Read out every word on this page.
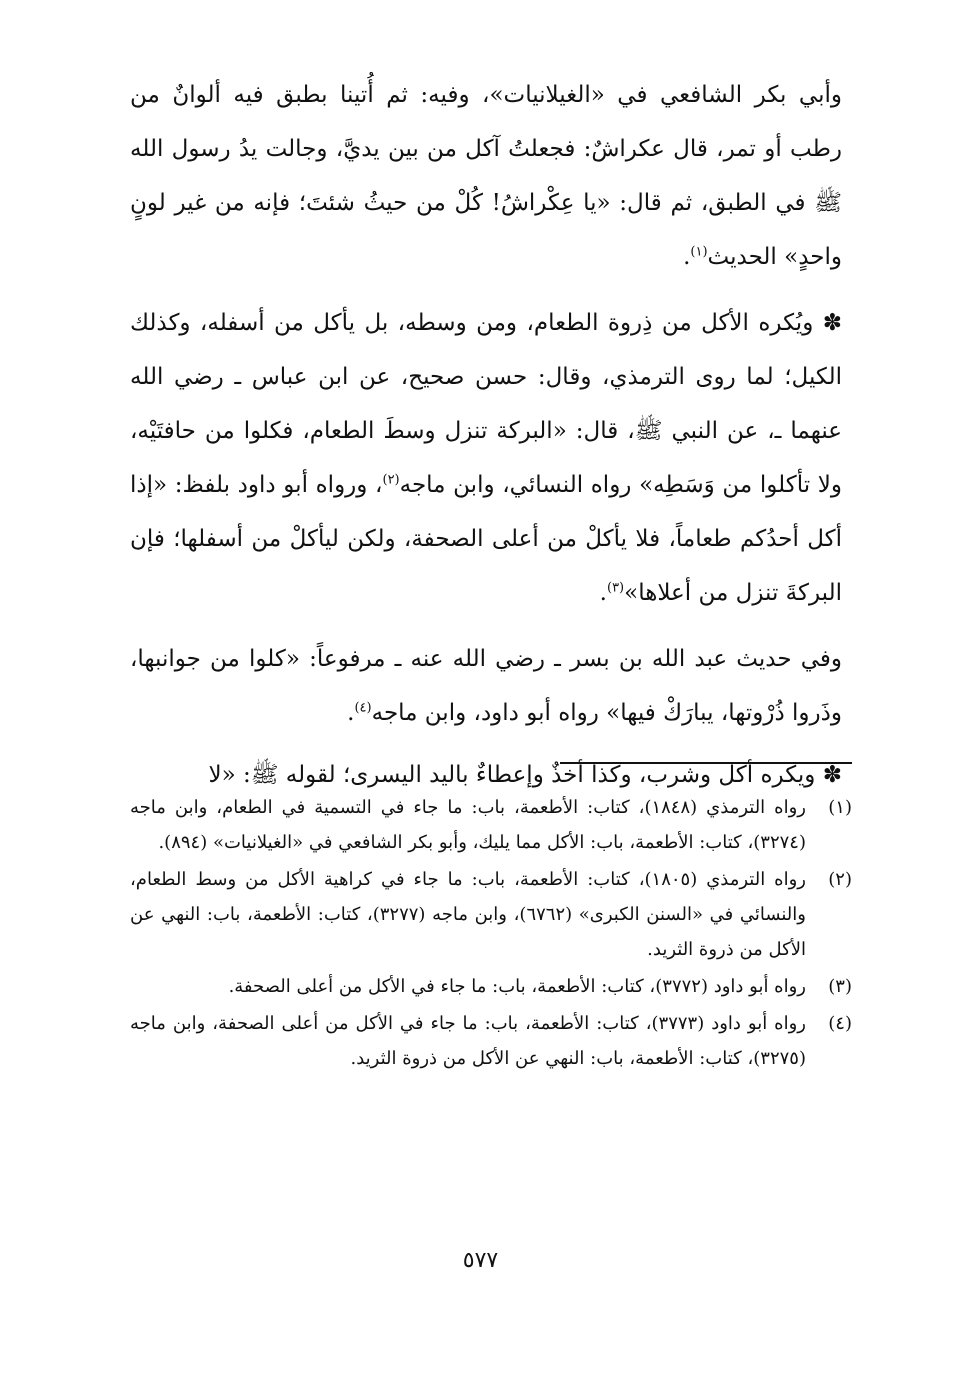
وأبي بكر الشافعي في «الغيلانيات»، وفيه: ثم أُتينا بطبق فيه ألوانٌ من رطب أو تمر، قال عكراشٌ: فجعلتُ آكل من بين يديَّ، وجالت يدُ رسول الله ﷺ في الطبق، ثم قال: «يا عِكْراشُ! كُلْ من حيثُ شئتَ؛ فإنه من غير لونٍ واحدٍ» الحديث$^{(١)}$.

✽ ويُكره الأكل من ذِروة الطعام، ومن وسطه، بل يأكل من أسفله، وكذلك الكيل؛ لما روى الترمذي، وقال: حسن صحيح، عن ابن عباس ـ رضي الله عنهما ـ، عن النبي ﷺ، قال: «البركة تنزل وسطَ الطعام، فكلوا من حافتَيْه، ولا تأكلوا من وَسَطِه» رواه النسائي، وابن ماجه$^{(٢)}$، ورواه أبو داود بلفظ: «إذا أكل أحدُكم طعاماً، فلا يأكلْ من أعلى الصحفة، ولكن ليأكلْ من أسفلها؛ فإن البركةَ تنزل من أعلاها»$^{(٣)}$.

وفي حديث عبد الله بن بسر ـ رضي الله عنه ـ مرفوعاً: «كلوا من جوانبها، وذَروا ذُرْوتها، يبارَكْ فيها» رواه أبو داود، وابن ماجه$^{(٤)}$.

✽ ويكره أكل وشرب، وكذا أخذٌ وإعطاءٌ باليد اليسرى؛ لقوله ﷺ: «لا

(١)
رواه الترمذي (١٨٤٨)، كتاب: الأطعمة، باب: ما جاء في التسمية في الطعام، وابن ماجه (٣٢٧٤)، كتاب: الأطعمة، باب: الأكل مما يليك، وأبو بكر الشافعي في «الغيلانيات» (٨٩٤).
(٢)
رواه الترمذي (١٨٠٥)، كتاب: الأطعمة، باب: ما جاء في كراهية الأكل من وسط الطعام، والنسائي في «السنن الكبرى» (٦٧٦٢)، وابن ماجه (٣٢٧٧)، كتاب: الأطعمة، باب: النهي عن الأكل من ذروة الثريد.
(٣)
رواه أبو داود (٣٧٧٢)، كتاب: الأطعمة، باب: ما جاء في الأكل من أعلى الصحفة.
(٤)
رواه أبو داود (٣٧٧٣)، كتاب: الأطعمة، باب: ما جاء في الأكل من أعلى الصحفة، وابن ماجه (٣٢٧٥)، كتاب: الأطعمة، باب: النهي عن الأكل من ذروة الثريد.
٥٧٧
